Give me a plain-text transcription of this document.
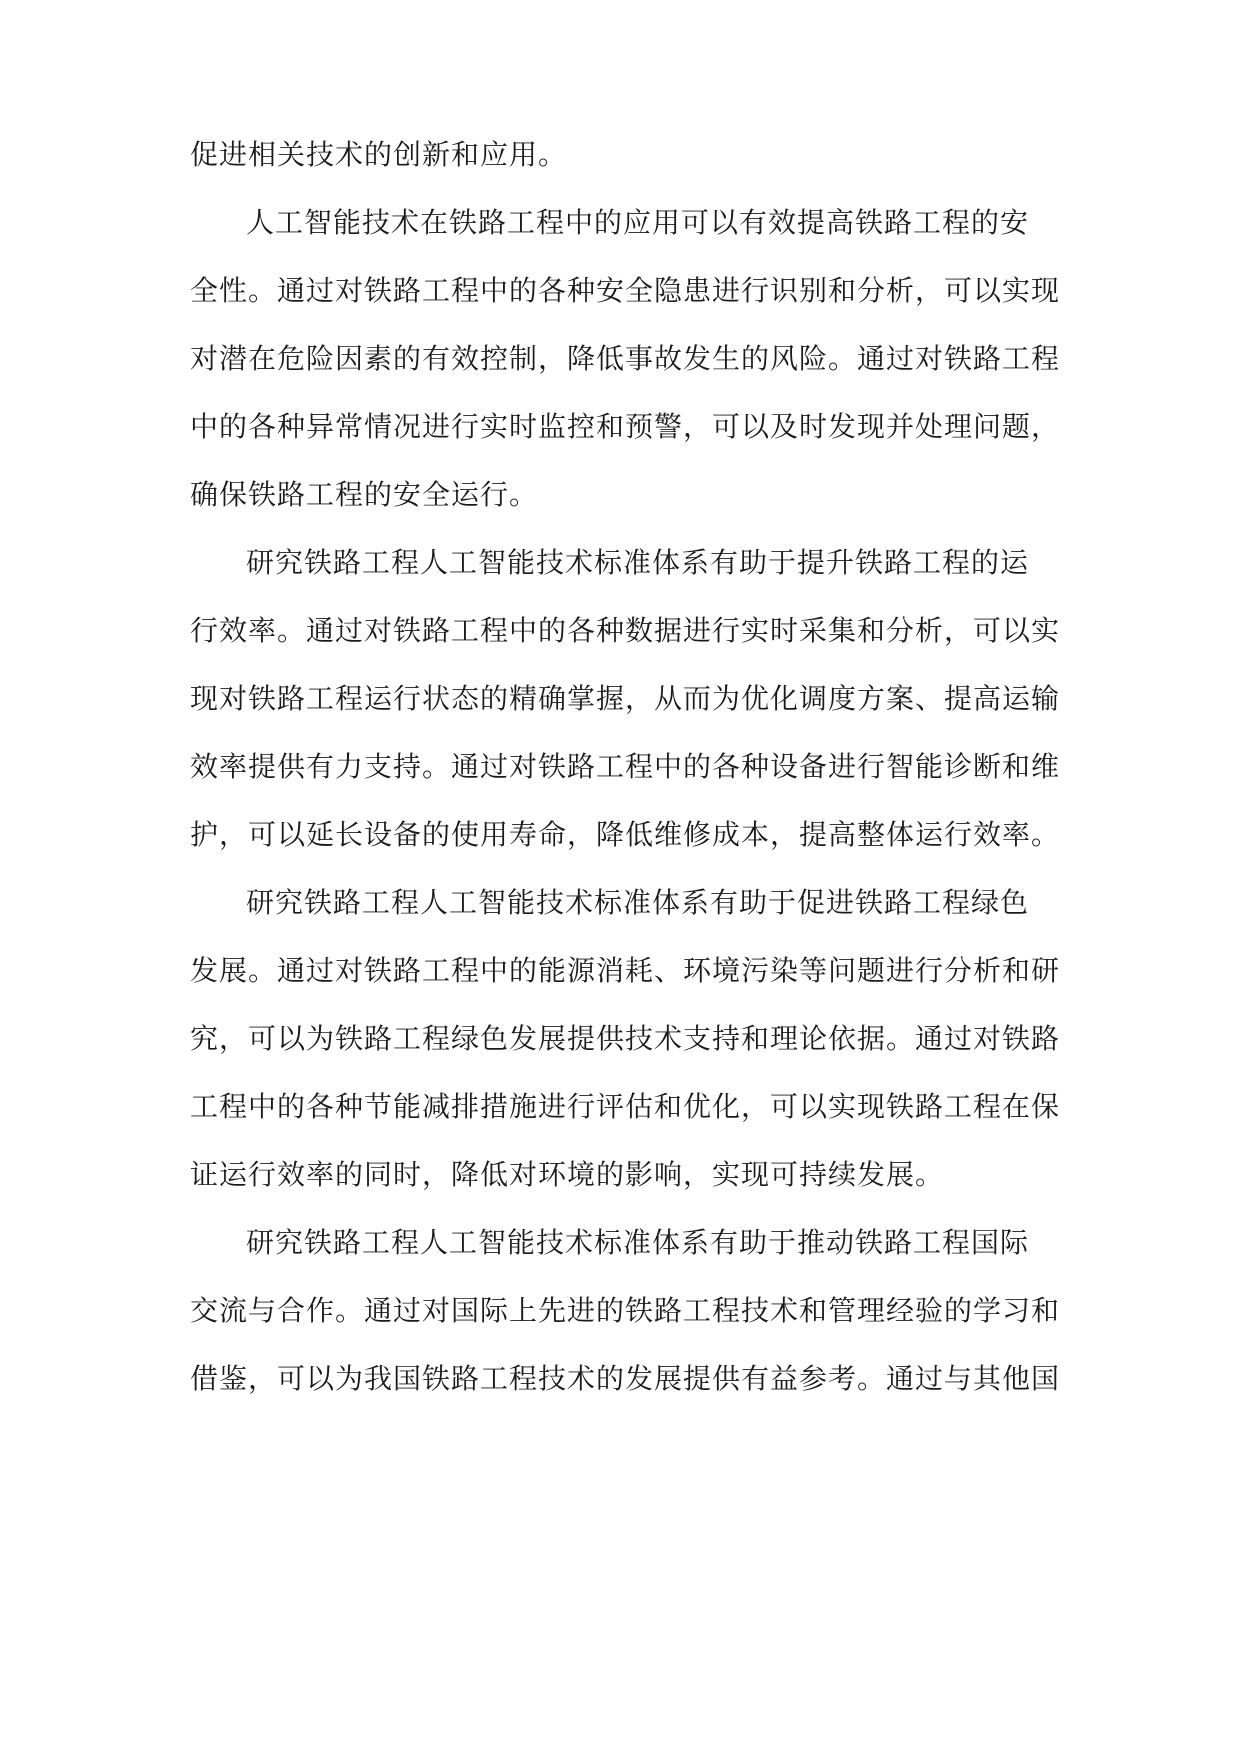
促进相关技术的创新和应用。
人工智能技术在铁路工程中的应用可以有效提高铁路工程的安
全性。通过对铁路工程中的各种安全隐患进行识别和分析，可以实现
对潜在危险因素的有效控制，降低事故发生的风险。通过对铁路工程
中的各种异常情况进行实时监控和预警，可以及时发现并处理问题，
确保铁路工程的安全运行。
研究铁路工程人工智能技术标准体系有助于提升铁路工程的运
行效率。通过对铁路工程中的各种数据进行实时采集和分析，可以实
现对铁路工程运行状态的精确掌握，从而为优化调度方案、提高运输
效率提供有力支持。通过对铁路工程中的各种设备进行智能诊断和维
护，可以延长设备的使用寿命，降低维修成本，提高整体运行效率。
研究铁路工程人工智能技术标准体系有助于促进铁路工程绿色
发展。通过对铁路工程中的能源消耗、环境污染等问题进行分析和研
究，可以为铁路工程绿色发展提供技术支持和理论依据。通过对铁路
工程中的各种节能减排措施进行评估和优化，可以实现铁路工程在保
证运行效率的同时，降低对环境的影响，实现可持续发展。
研究铁路工程人工智能技术标准体系有助于推动铁路工程国际
交流与合作。通过对国际上先进的铁路工程技术和管理经验的学习和
借鉴，可以为我国铁路工程技术的发展提供有益参考。通过与其他国
